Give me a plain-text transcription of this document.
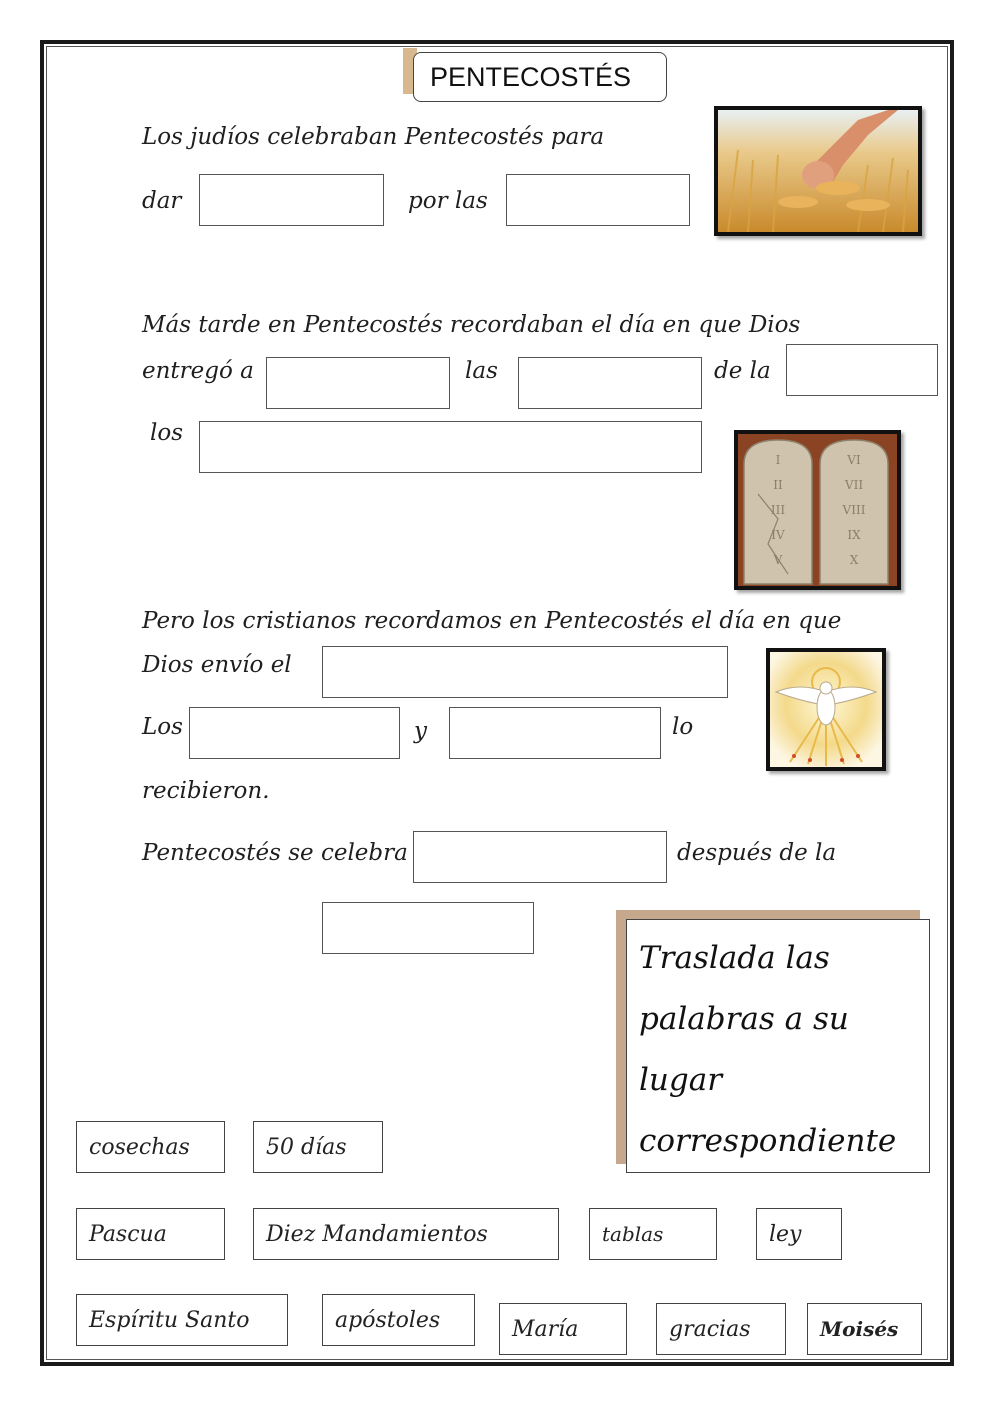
PENTECOSTÉS
Los judíos celebraban Pentecostés para
dar	por las
Más tarde en Pentecostés recordaban el día en que Dios
entregó a	las	de la
los
I
II
III
IV
V
VI
VII
VIII
IX
X
Pero los cristianos recordamos en Pentecostés el día en que
Dios envío el
Los	y	lo
recibieron.
Pentecostés se celebra	después de la
Traslada las
palabras a su
lugar
correspondiente
cosechas	50 días
Pascua	Diez Mandamientos	tablas	ley
Espíritu Santo	apóstoles	María	gracias	Moisés
